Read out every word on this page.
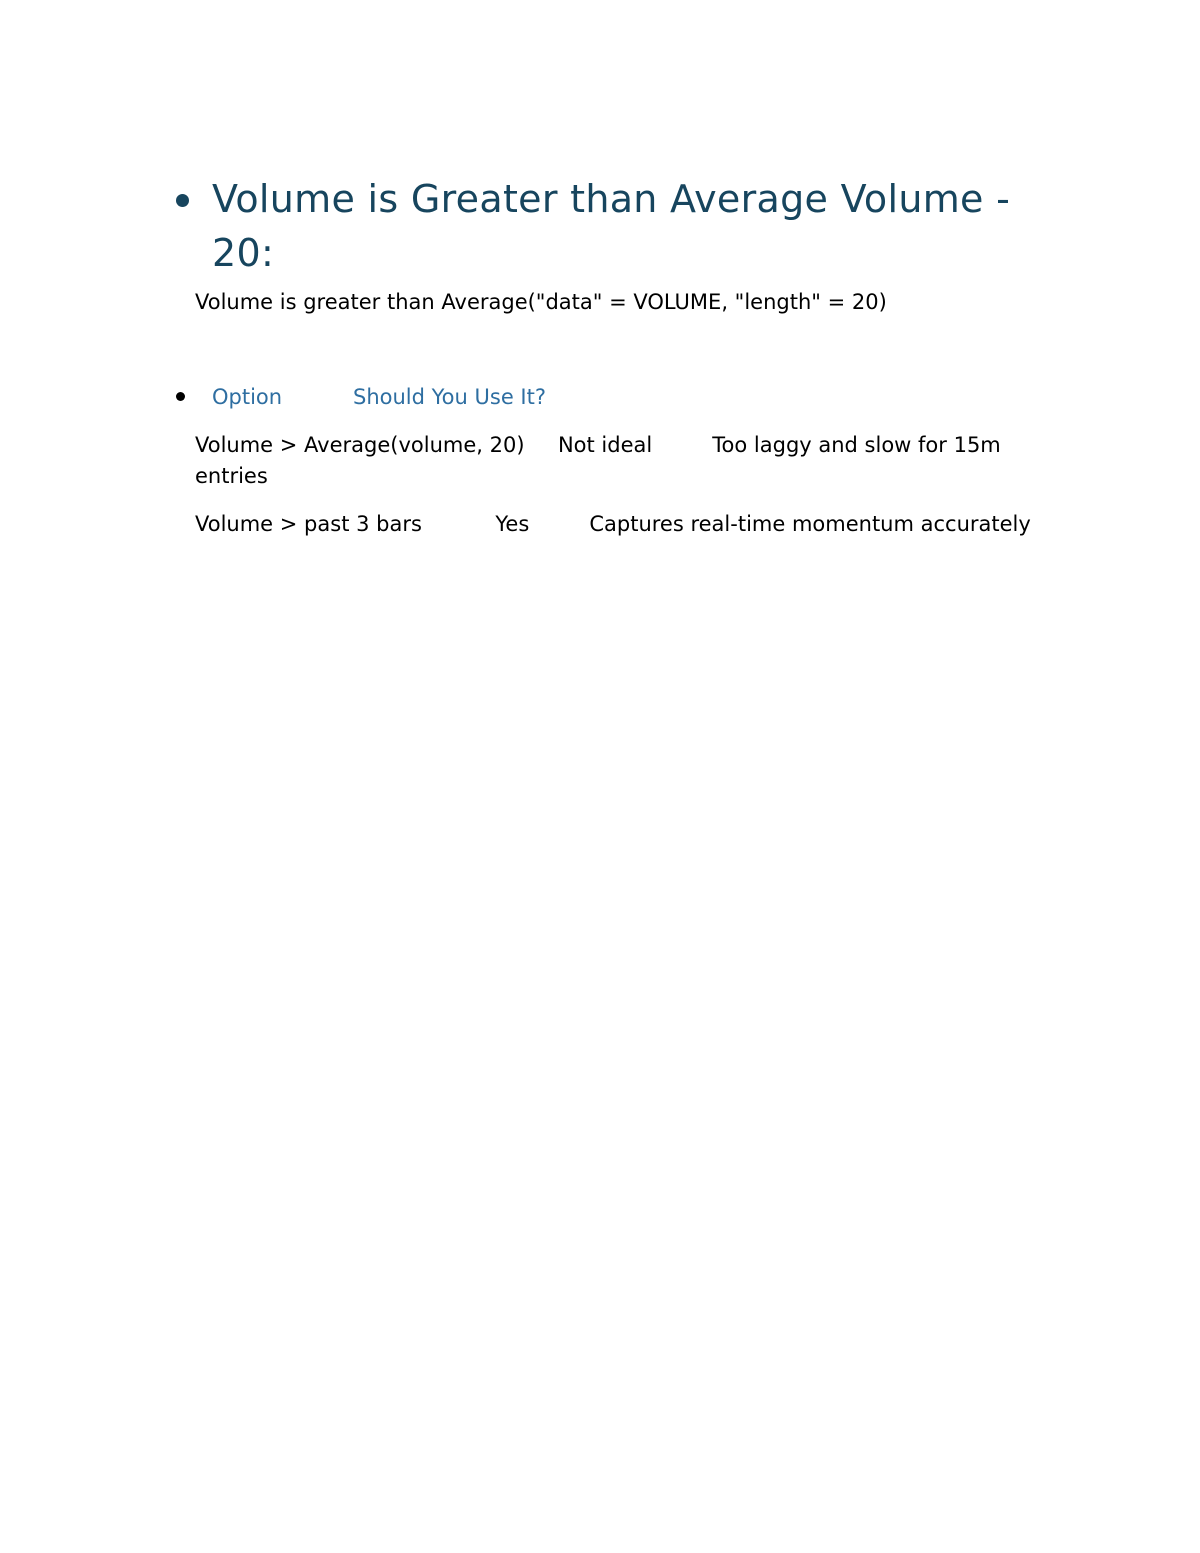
Volume is Greater than Average Volume - 20:

Volume is greater than Average("data" = VOLUME, "length" = 20)

Option	Should You Use It?

Volume > Average(volume, 20) Not ideal	Too laggy and slow for 15m entries

Volume > past 3 bars	Yes	Captures real-time momentum accurately
